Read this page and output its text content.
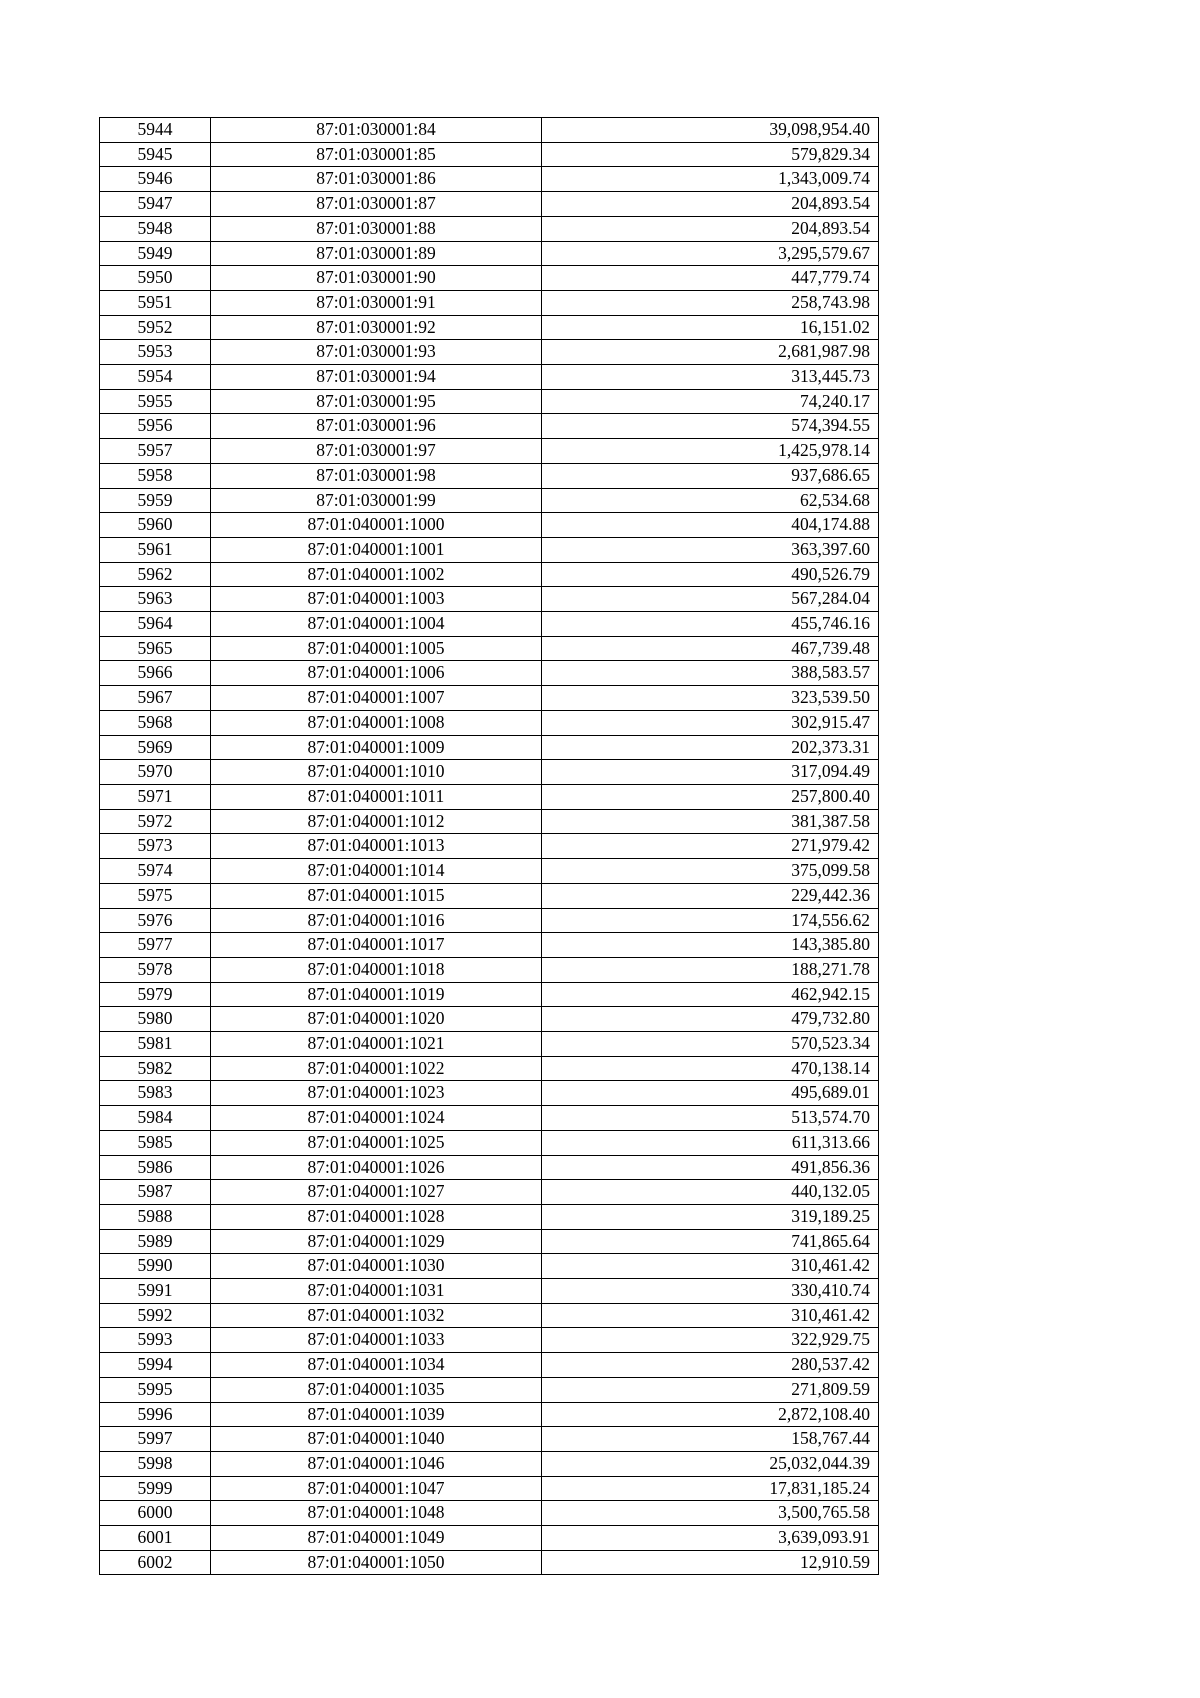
5944	87:01:030001:84	39,098,954.40
5945	87:01:030001:85	579,829.34
5946	87:01:030001:86	1,343,009.74
5947	87:01:030001:87	204,893.54
5948	87:01:030001:88	204,893.54
5949	87:01:030001:89	3,295,579.67
5950	87:01:030001:90	447,779.74
5951	87:01:030001:91	258,743.98
5952	87:01:030001:92	16,151.02
5953	87:01:030001:93	2,681,987.98
5954	87:01:030001:94	313,445.73
5955	87:01:030001:95	74,240.17
5956	87:01:030001:96	574,394.55
5957	87:01:030001:97	1,425,978.14
5958	87:01:030001:98	937,686.65
5959	87:01:030001:99	62,534.68
5960	87:01:040001:1000	404,174.88
5961	87:01:040001:1001	363,397.60
5962	87:01:040001:1002	490,526.79
5963	87:01:040001:1003	567,284.04
5964	87:01:040001:1004	455,746.16
5965	87:01:040001:1005	467,739.48
5966	87:01:040001:1006	388,583.57
5967	87:01:040001:1007	323,539.50
5968	87:01:040001:1008	302,915.47
5969	87:01:040001:1009	202,373.31
5970	87:01:040001:1010	317,094.49
5971	87:01:040001:1011	257,800.40
5972	87:01:040001:1012	381,387.58
5973	87:01:040001:1013	271,979.42
5974	87:01:040001:1014	375,099.58
5975	87:01:040001:1015	229,442.36
5976	87:01:040001:1016	174,556.62
5977	87:01:040001:1017	143,385.80
5978	87:01:040001:1018	188,271.78
5979	87:01:040001:1019	462,942.15
5980	87:01:040001:1020	479,732.80
5981	87:01:040001:1021	570,523.34
5982	87:01:040001:1022	470,138.14
5983	87:01:040001:1023	495,689.01
5984	87:01:040001:1024	513,574.70
5985	87:01:040001:1025	611,313.66
5986	87:01:040001:1026	491,856.36
5987	87:01:040001:1027	440,132.05
5988	87:01:040001:1028	319,189.25
5989	87:01:040001:1029	741,865.64
5990	87:01:040001:1030	310,461.42
5991	87:01:040001:1031	330,410.74
5992	87:01:040001:1032	310,461.42
5993	87:01:040001:1033	322,929.75
5994	87:01:040001:1034	280,537.42
5995	87:01:040001:1035	271,809.59
5996	87:01:040001:1039	2,872,108.40
5997	87:01:040001:1040	158,767.44
5998	87:01:040001:1046	25,032,044.39
5999	87:01:040001:1047	17,831,185.24
6000	87:01:040001:1048	3,500,765.58
6001	87:01:040001:1049	3,639,093.91
6002	87:01:040001:1050	12,910.59
